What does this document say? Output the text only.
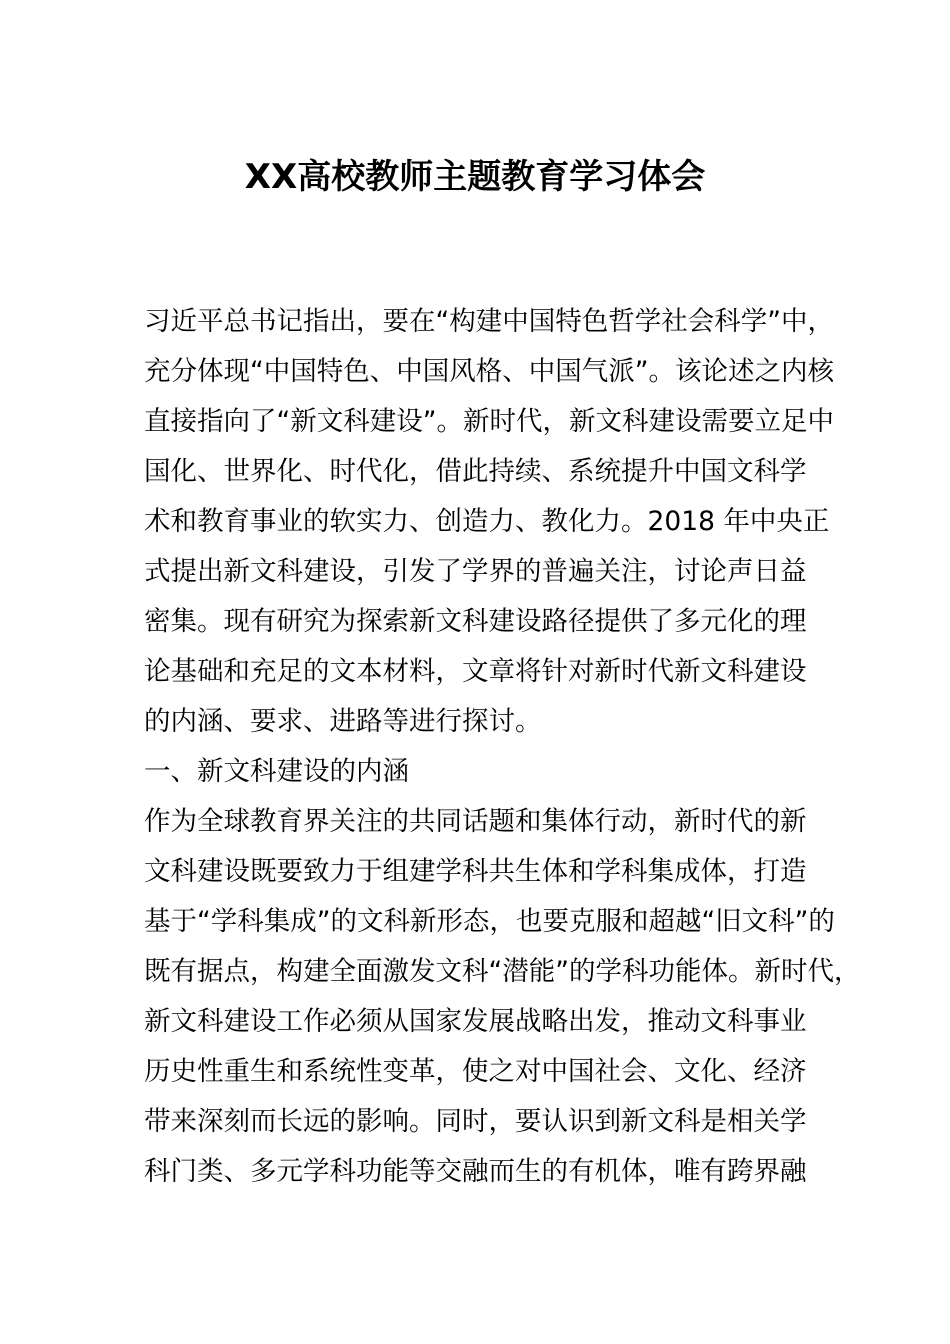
XX高校教师主题教育学习体会
习近平总书记指出，要在“构建中国特色哲学社会科学”中，
充分体现“中国特色、中国风格、中国气派”。该论述之内核
直接指向了“新文科建设”。新时代，新文科建设需要立足中
国化、世界化、时代化，借此持续、系统提升中国文科学
术和教育事业的软实力、创造力、教化力。2018 年中央正
式提出新文科建设，引发了学界的普遍关注，讨论声日益
密集。现有研究为探索新文科建设路径提供了多元化的理
论基础和充足的文本材料，文章将针对新时代新文科建设
的内涵、要求、进路等进行探讨。
一、新文科建设的内涵
作为全球教育界关注的共同话题和集体行动，新时代的新
文科建设既要致力于组建学科共生体和学科集成体，打造
基于“学科集成”的文科新形态，也要克服和超越“旧文科”的
既有据点，构建全面激发文科“潜能”的学科功能体。新时代，
新文科建设工作必须从国家发展战略出发，推动文科事业
历史性重生和系统性变革，使之对中国社会、文化、经济
带来深刻而长远的影响。同时，要认识到新文科是相关学
科门类、多元学科功能等交融而生的有机体，唯有跨界融
